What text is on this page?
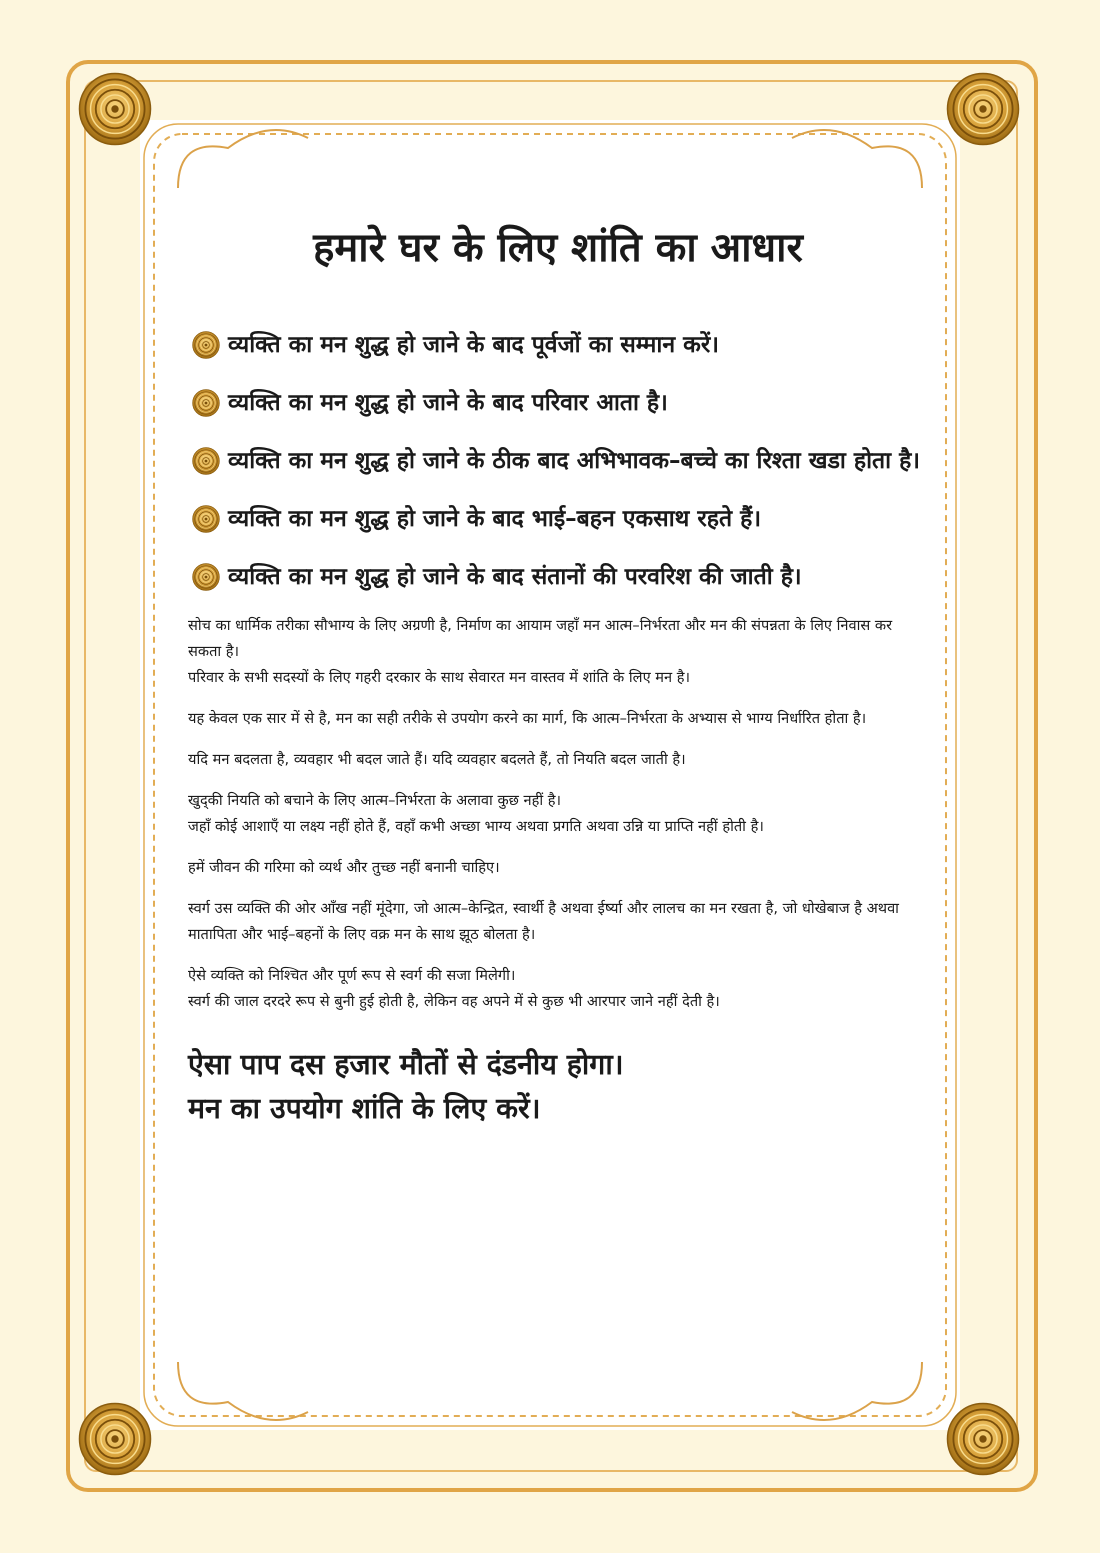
हमारे घर के लिए शांति का आधार
व्यक्ति का मन शुद्ध हो जाने के बाद पूर्वजों का सम्मान करें।
व्यक्ति का मन शुद्ध हो जाने के बाद परिवार आता है।
व्यक्ति का मन शुद्ध हो जाने के ठीक बाद अभिभावक–बच्चे का रिश्ता खडा होता है।
व्यक्ति का मन शुद्ध हो जाने के बाद भाई–बहन एकसाथ रहते हैं।
व्यक्ति का मन शुद्ध हो जाने के बाद संतानों की परवरिश की जाती है।

सोच का धार्मिक तरीका सौभाग्य के लिए अग्रणी है, निर्माण का आयाम जहाँ मन आत्म–निर्भरता और मन की संपन्नता के लिए निवास कर सकता है।
परिवार के सभी सदस्यों के लिए गहरी दरकार के साथ सेवारत मन वास्तव में शांति के लिए मन है।

यह केवल एक सार में से है, मन का सही तरीके से उपयोग करने का मार्ग, कि आत्म–निर्भरता के अभ्यास से भाग्य निर्धारित होता है।

यदि मन बदलता है, व्यवहार भी बदल जाते हैं। यदि व्यवहार बदलते हैं, तो नियति बदल जाती है।

खुद्की नियति को बचाने के लिए आत्म–निर्भरता के अलावा कुछ नहीं है।
जहाँ कोई आशाएँ या लक्ष्य नहीं होते हैं, वहाँ कभी अच्छा भाग्य अथवा प्रगति अथवा उन्नि या प्राप्ति नहीं होती है।

हमें जीवन की गरिमा को व्यर्थ और तुच्छ नहीं बनानी चाहिए।

स्वर्ग उस व्यक्ति की ओर आँख नहीं मूंदेगा, जो आत्म–केन्द्रित, स्वार्थी है अथवा ईर्ष्या और लालच का मन रखता है, जो धोखेबाज है अथवा मातापिता और भाई–बहनों के लिए वक्र मन के साथ झूठ बोलता है।

ऐसे व्यक्ति को निश्चित और पूर्ण रूप से स्वर्ग की सजा मिलेगी।
स्वर्ग की जाल दरदरे रूप से बुनी हुई होती है, लेकिन वह अपने में से कुछ भी आरपार जाने नहीं देती है।

ऐसा पाप दस हजार मौतों से दंडनीय होगा।
मन का उपयोग शांति के लिए करें।
